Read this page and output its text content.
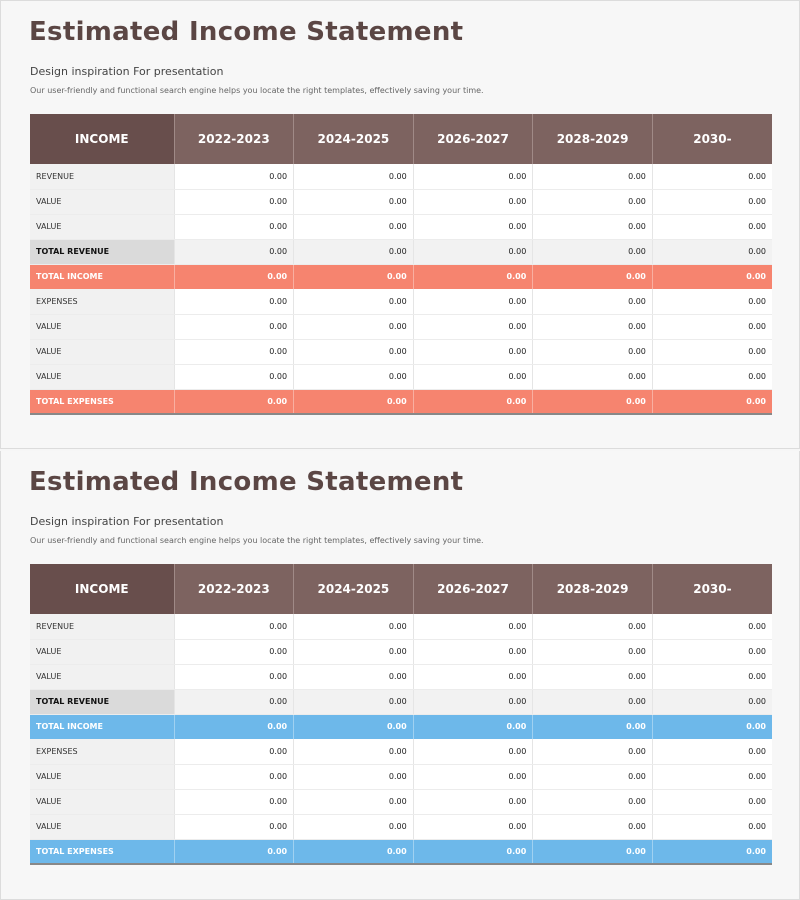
Estimated Income Statement

Design inspiration For presentation

Our user-friendly and functional search engine helps you locate the right templates, effectively saving your time.

INCOME	2022-2023	2024-2025	2026-2027	2028-2029	2030-
REVENUE	0.00	0.00	0.00	0.00	0.00
VALUE	0.00	0.00	0.00	0.00	0.00
VALUE	0.00	0.00	0.00	0.00	0.00
TOTAL REVENUE	0.00	0.00	0.00	0.00	0.00
TOTAL INCOME	0.00	0.00	0.00	0.00	0.00
EXPENSES	0.00	0.00	0.00	0.00	0.00
VALUE	0.00	0.00	0.00	0.00	0.00
VALUE	0.00	0.00	0.00	0.00	0.00
VALUE	0.00	0.00	0.00	0.00	0.00
TOTAL EXPENSES	0.00	0.00	0.00	0.00	0.00
Estimated Income Statement

Design inspiration For presentation

Our user-friendly and functional search engine helps you locate the right templates, effectively saving your time.

INCOME	2022-2023	2024-2025	2026-2027	2028-2029	2030-
REVENUE	0.00	0.00	0.00	0.00	0.00
VALUE	0.00	0.00	0.00	0.00	0.00
VALUE	0.00	0.00	0.00	0.00	0.00
TOTAL REVENUE	0.00	0.00	0.00	0.00	0.00
TOTAL INCOME	0.00	0.00	0.00	0.00	0.00
EXPENSES	0.00	0.00	0.00	0.00	0.00
VALUE	0.00	0.00	0.00	0.00	0.00
VALUE	0.00	0.00	0.00	0.00	0.00
VALUE	0.00	0.00	0.00	0.00	0.00
TOTAL EXPENSES	0.00	0.00	0.00	0.00	0.00
